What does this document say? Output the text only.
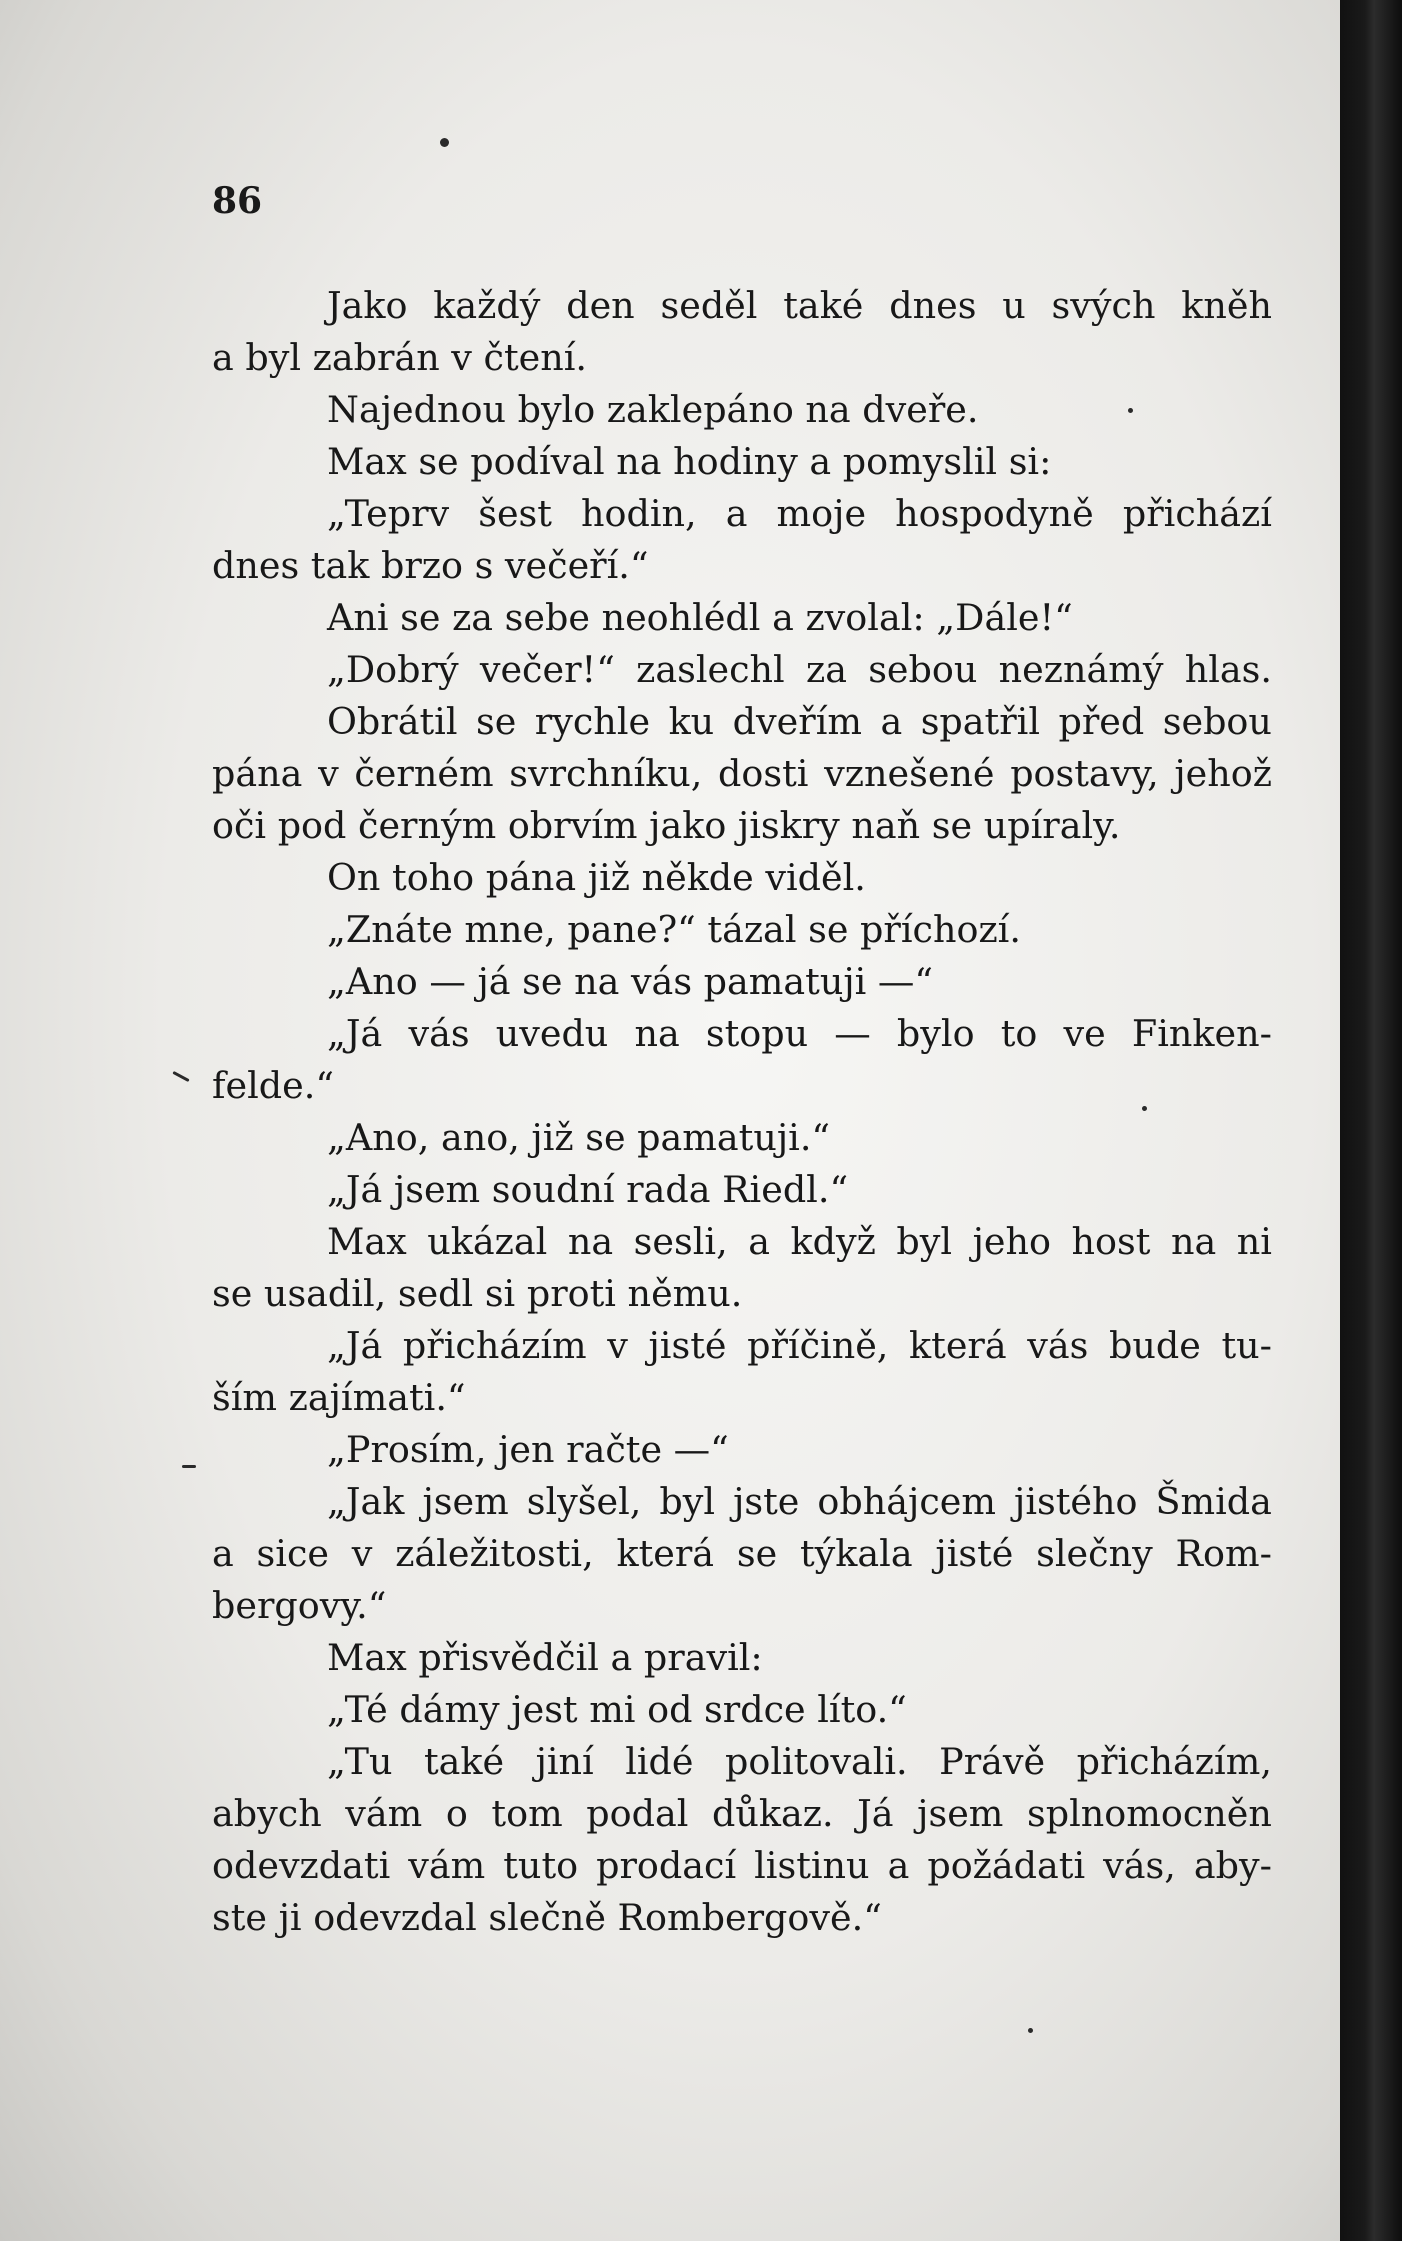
86
Jako každý den seděl také dnes u svých kněh
a byl zabrán v čtení.
Najednou bylo zaklepáno na dveře.
Max se podíval na hodiny a pomyslil si:
„Teprv šest hodin, a moje hospodyně přichází
dnes tak brzo s večeří.“
Ani se za sebe neohlédl a zvolal: „Dále!“
„Dobrý večer!“ zaslechl za sebou neznámý hlas.
Obrátil se rychle ku dveřím a spatřil před sebou
pána v černém svrchníku, dosti vznešené postavy, jehož
oči pod černým obrvím jako jiskry naň se upíraly.
On toho pána již někde viděl.
„Znáte mne, pane?“ tázal se příchozí.
„Ano — já se na vás pamatuji —“
„Já vás uvedu na stopu — bylo to ve Finken-
felde.“
„Ano, ano, již se pamatuji.“
„Já jsem soudní rada Riedl.“
Max ukázal na sesli, a když byl jeho host na ni
se usadil, sedl si proti němu.
„Já přicházím v jisté příčině, která vás bude tu-
ším zajímati.“
„Prosím, jen račte —“
„Jak jsem slyšel, byl jste obhájcem jistého Šmida
a sice v záležitosti, která se týkala jisté slečny Rom-
bergovy.“
Max přisvědčil a pravil:
„Té dámy jest mi od srdce líto.“
„Tu také jiní lidé politovali. Právě přicházím,
abych vám o tom podal důkaz. Já jsem splnomocněn
odevzdati vám tuto prodací listinu a požádati vás, aby-
ste ji odevzdal slečně Rombergově.“
